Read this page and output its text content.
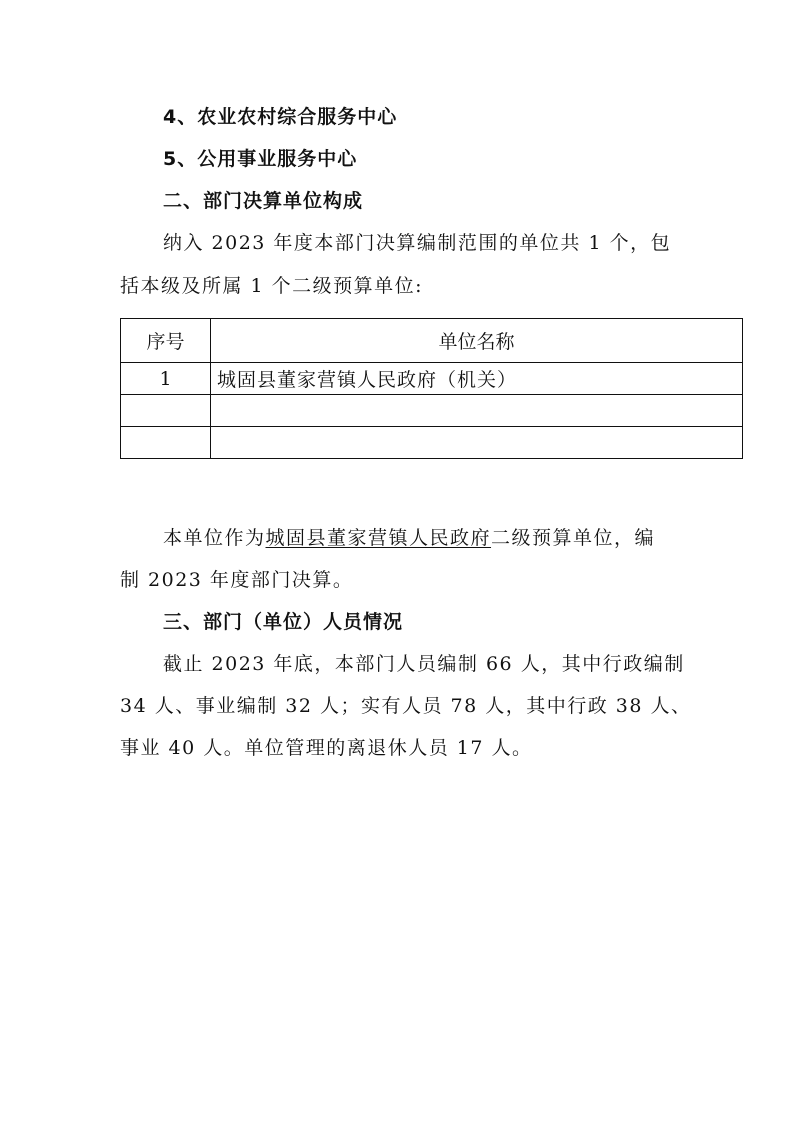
4、农业农村综合服务中心
5、公用事业服务中心
二、部门决算单位构成
纳入 2023 年度本部门决算编制范围的单位共 1 个，包
括本级及所属 1 个二级预算单位:
序号	单位名称
1	城固县董家营镇人民政府（机关）

本单位作为城固县董家营镇人民政府二级预算单位，编
制 2023 年度部门决算。
三、部门（单位）人员情况
截止 2023 年底，本部门人员编制 66 人，其中行政编制
34 人、事业编制 32 人；实有人员 78 人，其中行政 38 人、
事业 40 人。单位管理的离退休人员 17 人。
